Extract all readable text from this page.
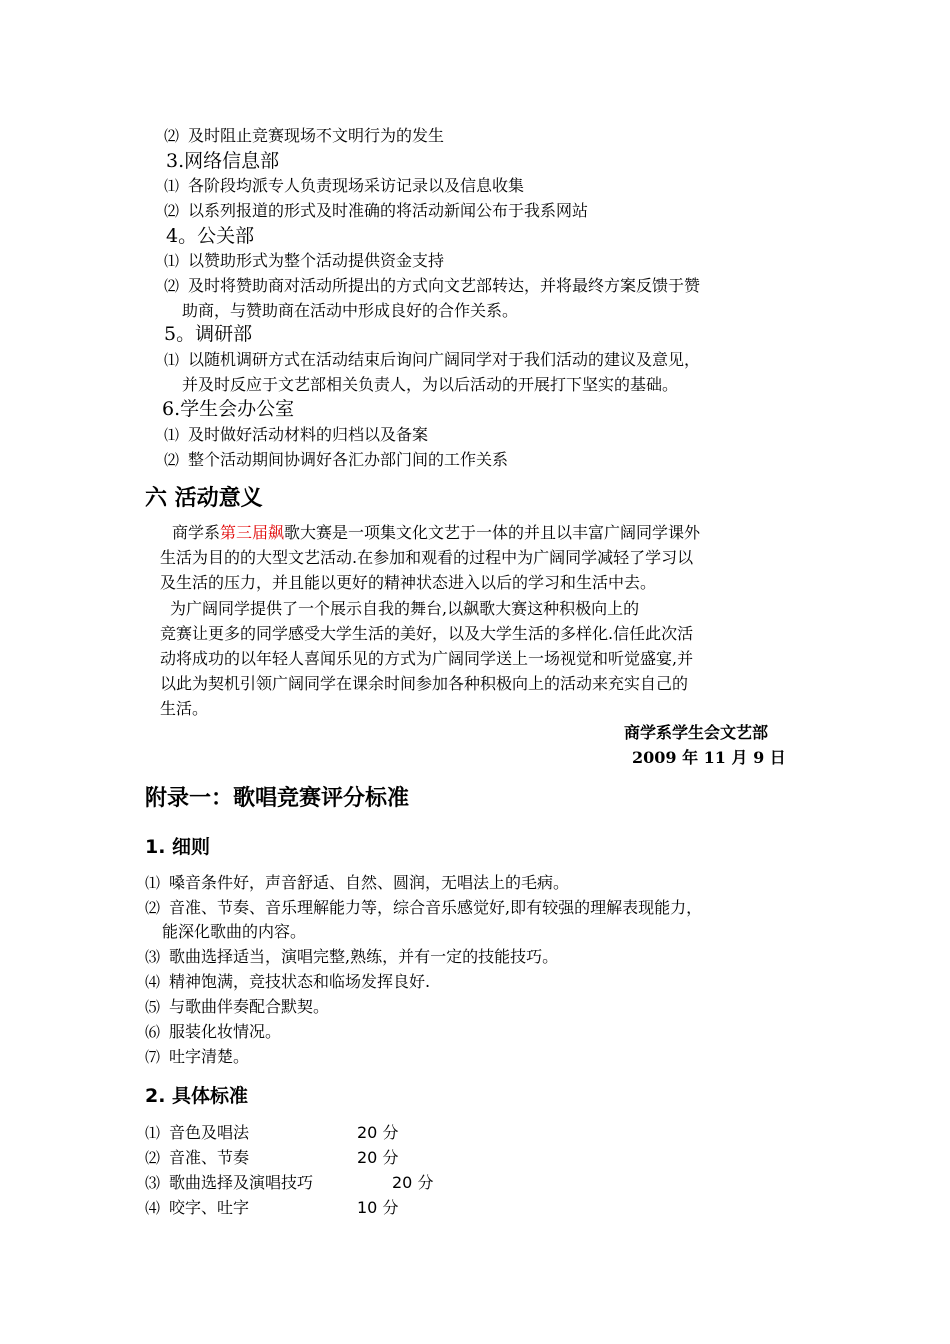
⑵ 及时阻止竞赛现场不文明行为的发生
3.网络信息部
⑴ 各阶段均派专人负责现场采访记录以及信息收集
⑵ 以系列报道的形式及时准确的将活动新闻公布于我系网站
4。公关部
⑴ 以赞助形式为整个活动提供资金支持
⑵ 及时将赞助商对活动所提出的方式向文艺部转达，并将最终方案反馈于赞
助商，与赞助商在活动中形成良好的合作关系。
5。调研部
⑴ 以随机调研方式在活动结束后询问广阔同学对于我们活动的建议及意见，
并及时反应于文艺部相关负责人，为以后活动的开展打下坚实的基础。
6.学生会办公室
⑴ 及时做好活动材料的归档以及备案
⑵ 整个活动期间协调好各汇办部门间的工作关系
六 活动意义
商学系第三届飙歌大赛是一项集文化文艺于一体的并且以丰富广阔同学课外
生活为目的的大型文艺活动.在参加和观看的过程中为广阔同学减轻了学习以
及生活的压力，并且能以更好的精神状态进入以后的学习和生活中去。
为广阔同学提供了一个展示自我的舞台,以飙歌大赛这种积极向上的
竞赛让更多的同学感受大学生活的美好，以及大学生活的多样化.信任此次活
动将成功的以年轻人喜闻乐见的方式为广阔同学送上一场视觉和听觉盛宴,并
以此为契机引领广阔同学在课余时间参加各种积极向上的活动来充实自己的
生活。
商学系学生会文艺部
2009 年 11 月 9 日
附录一：歌唱竞赛评分标准
1. 细则
⑴ 嗓音条件好，声音舒适、自然、圆润，无唱法上的毛病。
⑵ 音准、节奏、音乐理解能力等，综合音乐感觉好,即有较强的理解表现能力，
能深化歌曲的内容。
⑶ 歌曲选择适当，演唱完整,熟练，并有一定的技能技巧。
⑷ 精神饱满，竞技状态和临场发挥良好.
⑸ 与歌曲伴奏配合默契。
⑹ 服装化妆情况。
⑺ 吐字清楚。
2. 具体标准
⑴ 音色及唱法	20 分
⑵ 音准、节奏	20 分
⑶ 歌曲选择及演唱技巧	20 分
⑷ 咬字、吐字	10 分
